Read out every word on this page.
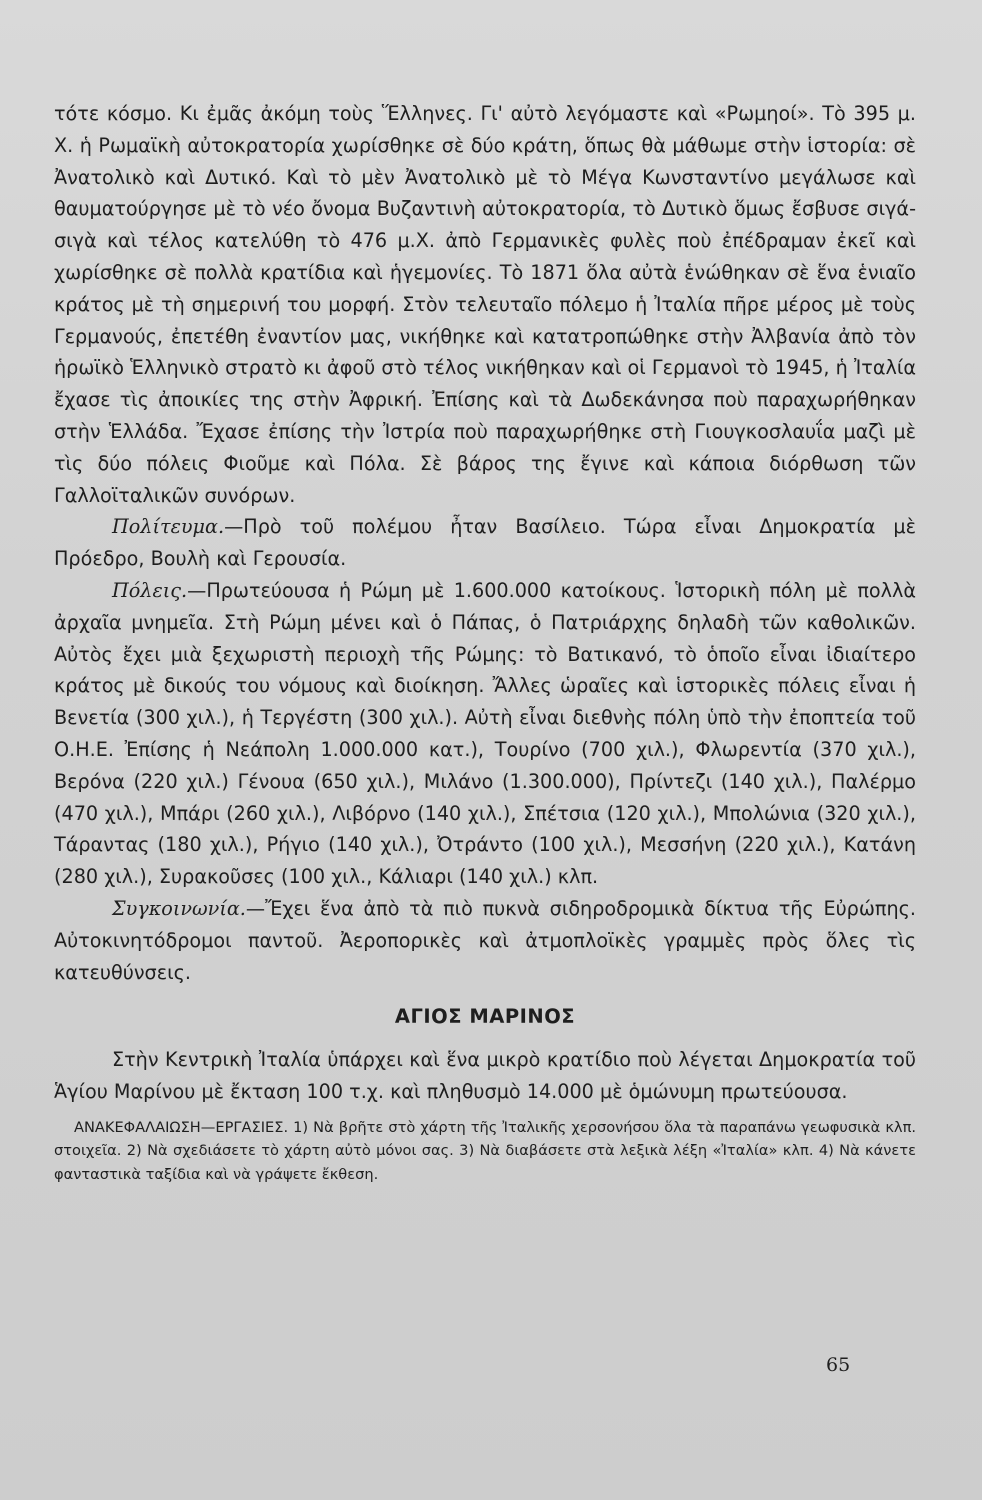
τότε κόσμο. Κι ἐμᾶς ἀκόμη τοὺς Ἕλληνες. Γι' αὐτὸ λεγόμαστε καὶ «Ρωμηοί». Τὸ 395 μ. Χ. ἡ Ρωμαϊκὴ αὐτοκρατορία χωρίσθηκε σὲ δύο κράτη, ὅπως θὰ μάθωμε στὴν ἱστορία: σὲ Ἀνατολικὸ καὶ Δυτικό. Καὶ τὸ μὲν Ἀνατολικὸ μὲ τὸ Μέγα Κωνσταντίνο μεγάλωσε καὶ θαυματούργησε μὲ τὸ νέο ὄνομα Βυζαντινὴ αὐτοκρατορία, τὸ Δυτικὸ ὅμως ἔσβυσε σιγά-σιγὰ καὶ τέλος κατελύθη τὸ 476 μ.Χ. ἀπὸ Γερμανικὲς φυλὲς ποὺ ἐπέδραμαν ἐκεῖ καὶ χωρίσθηκε σὲ πολλὰ κρατίδια καὶ ἡγεμονίες. Τὸ 1871 ὅλα αὐτὰ ἑνώθηκαν σὲ ἕνα ἑνιαῖο κράτος μὲ τὴ σημερινή του μορφή. Στὸν τελευταῖο πόλεμο ἡ Ἰταλία πῆρε μέρος μὲ τοὺς Γερμανούς, ἐπετέθη ἐναντίον μας, νικήθηκε καὶ κατατροπώθηκε στὴν Ἀλβανία ἀπὸ τὸν ἡρωϊκὸ Ἑλληνικὸ στρατὸ κι ἀφοῦ στὸ τέλος νικήθηκαν καὶ οἱ Γερμανοὶ τὸ 1945, ἡ Ἰταλία ἔχασε τὶς ἀποικίες της στὴν Ἀφρική. Ἐπίσης καὶ τὰ Δωδεκάνησα ποὺ παραχωρήθηκαν στὴν Ἑλλάδα. Ἔχασε ἐπίσης τὴν Ἰστρία ποὺ παραχωρήθηκε στὴ Γιουγκοσλαυΐα μαζὶ μὲ τὶς δύο πόλεις Φιοῦμε καὶ Πόλα. Σὲ βάρος της ἔγινε καὶ κάποια διόρθωση τῶν Γαλλοϊταλικῶν συνόρων.

Πολίτευμα.—Πρὸ τοῦ πολέμου ἦταν Βασίλειο. Τώρα εἶναι Δημοκρατία μὲ Πρόεδρο, Βουλὴ καὶ Γερουσία.

Πόλεις.—Πρωτεύουσα ἡ Ρώμη μὲ 1.600.000 κατοίκους. Ἱστορικὴ πόλη μὲ πολλὰ ἀρχαῖα μνημεῖα. Στὴ Ρώμη μένει καὶ ὁ Πάπας, ὁ Πατριάρχης δηλαδὴ τῶν καθολικῶν. Αὐτὸς ἔχει μιὰ ξεχωριστὴ περιοχὴ τῆς Ρώμης: τὸ Βατικανό, τὸ ὁποῖο εἶναι ἰδιαίτερο κράτος μὲ δικούς του νόμους καὶ διοίκηση. Ἄλλες ὡραῖες καὶ ἱστορικὲς πόλεις εἶναι ἡ Βενετία (300 χιλ.), ἡ Τεργέστη (300 χιλ.). Αὐτὴ εἶναι διεθνὴς πόλη ὑπὸ τὴν ἐποπτεία τοῦ Ο.Η.Ε. Ἐπίσης ἡ Νεάπολη 1.000.000 κατ.), Τουρίνο (700 χιλ.), Φλωρεντία (370 χιλ.), Βερόνα (220 χιλ.) Γένουα (650 χιλ.), Μιλάνο (1.300.000), Πρίντεζι (140 χιλ.), Παλέρμο (470 χιλ.), Μπάρι (260 χιλ.), Λιβόρνο (140 χιλ.), Σπέτσια (120 χιλ.), Μπολώνια (320 χιλ.), Τάραντας (180 χιλ.), Ρήγιο (140 χιλ.), Ὀτράντο (100 χιλ.), Μεσσήνη (220 χιλ.), Κατάνη (280 χιλ.), Συρακοῦσες (100 χιλ., Κάλιαρι (140 χιλ.) κλπ.

Συγκοινωνία.—Ἔχει ἕνα ἀπὸ τὰ πιὸ πυκνὰ σιδηροδρομικὰ δίκτυα τῆς Εὐρώπης. Αὐτοκινητόδρομοι παντοῦ. Ἀεροπορικὲς καὶ ἀτμοπλοϊκὲς γραμμὲς πρὸς ὅλες τὶς κατευθύνσεις.

ΑΓΙΟΣ ΜΑΡΙΝΟΣ

Στὴν Κεντρικὴ Ἰταλία ὑπάρχει καὶ ἕνα μικρὸ κρατίδιο ποὺ λέγεται Δημοκρατία τοῦ Ἁγίου Μαρίνου μὲ ἔκταση 100 τ.χ. καὶ πληθυσμὸ 14.000 μὲ ὁμώνυμη πρωτεύουσα.

ΑΝΑΚΕΦΑΛΑΙΩΣΗ—ΕΡΓΑΣΙΕΣ. 1) Νὰ βρῆτε στὸ χάρτη τῆς Ἰταλικῆς χερσονήσου ὅλα τὰ παραπάνω γεωφυσικὰ κλπ. στοιχεῖα. 2) Νὰ σχεδιάσετε τὸ χάρτη αὐτὸ μόνοι σας. 3) Νὰ διαβάσετε στὰ λεξικὰ λέξη «Ἰταλία» κλπ. 4) Νὰ κάνετε φανταστικὰ ταξίδια καὶ νὰ γράψετε ἔκθεση.

65
